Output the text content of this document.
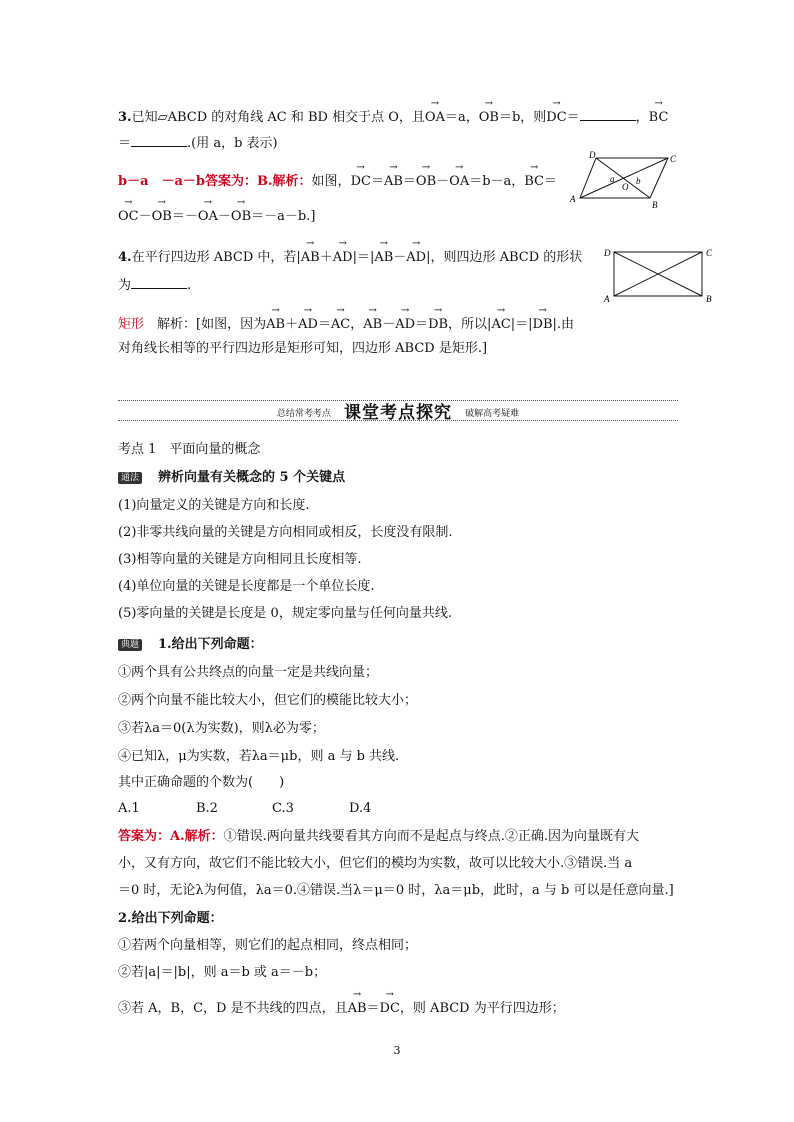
3.已知▱ABCD 的对角线 AC 和 BD 相交于点 O，且→ OA＝a，→ OB＝b，则→ DC＝	，→ BC
＝	.(用 a，b 表示)
b－a　－a－b答案为：B.解析：如图，→ DC＝→ AB＝→ OB－→ OA＝b－a，→ BC＝
→ OC－→ OB＝－→ OA－→ OB＝－a－b.]
D	C
a
O
b
A
B
4.在平行四边形 ABCD 中，若|→ AB＋→ AD|＝|→ AB－→ AD|，则四边形 ABCD 的形状
为	.
矩形　 解析：[如图，因为→ AB＋→ AD＝→ AC，→ AB－→ AD＝→ DB，所以|→ AC|＝|→ DB|.由
对角线长相等的平行四边形是矩形可知，四边形 ABCD 是矩形.]
D	C
A	B
总结常考考点 课堂考点探究 破解高考疑难
考点 1　平面向量的概念
通法 辨析向量有关概念的 5 个关键点
(1)向量定义的关键是方向和长度.
(2)非零共线向量的关键是方向相同或相反，长度没有限制.
(3)相等向量的关键是方向相同且长度相等.
(4)单位向量的关键是长度都是一个单位长度.
(5)零向量的关键是长度是 0，规定零向量与任何向量共线.
典题 1.给出下列命题：
①两个具有公共终点的向量一定是共线向量；
②两个向量不能比较大小，但它们的模能比较大小；
③若λa＝0(λ为实数)，则λ必为零；
④已知λ，μ为实数，若λa＝μb，则 a 与 b 共线.
其中正确命题的个数为(　　)
A.1	B.2	C.3	D.4
答案为：A.解析：①错误.两向量共线要看其方向而不是起点与终点.②正确.因为向量既有大
小，又有方向，故它们不能比较大小，但它们的模均为实数，故可以比较大小.③错误.当 a
＝0 时，无论λ为何值，λa＝0.④错误.当λ＝μ＝0 时，λa＝μb，此时，a 与 b 可以是任意向量.]
2.给出下列命题：
①若两个向量相等，则它们的起点相同，终点相同；
②若|a|＝|b|，则 a＝b 或 a＝－b；
③若 A，B，C，D 是不共线的四点，且→ AB＝→ DC，则 ABCD 为平行四边形；
3
